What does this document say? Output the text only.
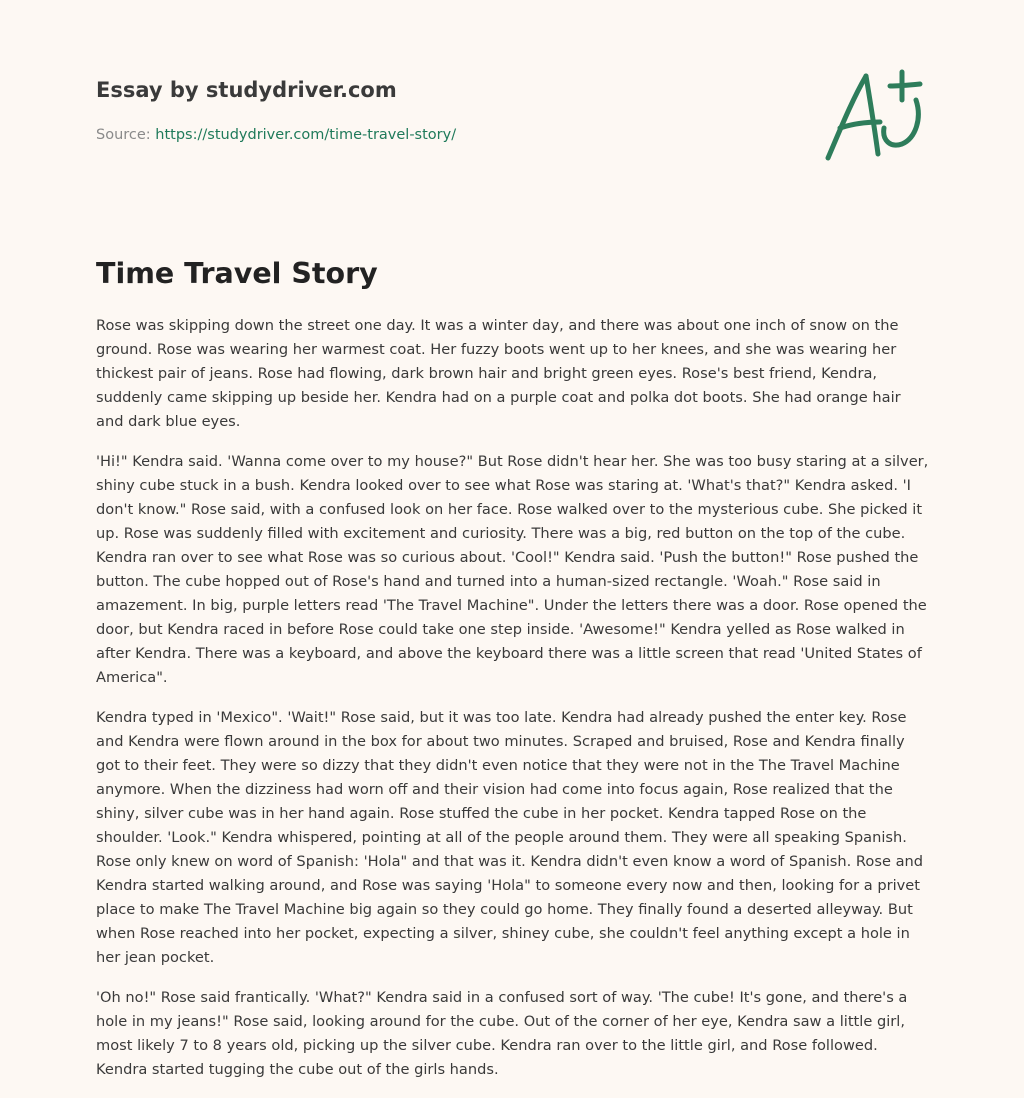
Essay by studydriver.com
Source: https://studydriver.com/time-travel-story/
Time Travel Story

Rose was skipping down the street one day. It was a winter day, and there was about one inch of snow on the ground. Rose was wearing her warmest coat. Her fuzzy boots went up to her knees, and she was wearing her thickest pair of jeans. Rose had flowing, dark brown hair and bright green eyes. Rose's best friend, Kendra, suddenly came skipping up beside her. Kendra had on a purple coat and polka dot boots. She had orange hair and dark blue eyes.

'Hi!" Kendra said. 'Wanna come over to my house?" But Rose didn't hear her. She was too busy staring at a silver, shiny cube stuck in a bush. Kendra looked over to see what Rose was staring at. 'What's that?" Kendra asked. 'I don't know." Rose said, with a confused look on her face. Rose walked over to the mysterious cube. She picked it up. Rose was suddenly filled with excitement and curiosity. There was a big, red button on the top of the cube. Kendra ran over to see what Rose was so curious about. 'Cool!" Kendra said. 'Push the button!" Rose pushed the button. The cube hopped out of Rose's hand and turned into a human-sized rectangle. 'Woah." Rose said in amazement. In big, purple letters read 'The Travel Machine". Under the letters there was a door. Rose opened the door, but Kendra raced in before Rose could take one step inside. 'Awesome!" Kendra yelled as Rose walked in after Kendra. There was a keyboard, and above the keyboard there was a little screen that read 'United States of America".

Kendra typed in 'Mexico". 'Wait!" Rose said, but it was too late. Kendra had already pushed the enter key. Rose and Kendra were flown around in the box for about two minutes. Scraped and bruised, Rose and Kendra finally got to their feet. They were so dizzy that they didn't even notice that they were not in the The Travel Machine anymore. When the dizziness had worn off and their vision had come into focus again, Rose realized that the shiny, silver cube was in her hand again. Rose stuffed the cube in her pocket. Kendra tapped Rose on the shoulder. 'Look." Kendra whispered, pointing at all of the people around them. They were all speaking Spanish. Rose only knew on word of Spanish: 'Hola" and that was it. Kendra didn't even know a word of Spanish. Rose and Kendra started walking around, and Rose was saying 'Hola" to someone every now and then, looking for a privet place to make The Travel Machine big again so they could go home. They finally found a deserted alleyway. But when Rose reached into her pocket, expecting a silver, shiney cube, she couldn't feel anything except a hole in her jean pocket.

'Oh no!" Rose said frantically. 'What?" Kendra said in a confused sort of way. 'The cube! It's gone, and there's a hole in my jeans!" Rose said, looking around for the cube. Out of the corner of her eye, Kendra saw a little girl, most likely 7 to 8 years old, picking up the silver cube. Kendra ran over to the little girl, and Rose followed. Kendra started tugging the cube out of the girls hands.
